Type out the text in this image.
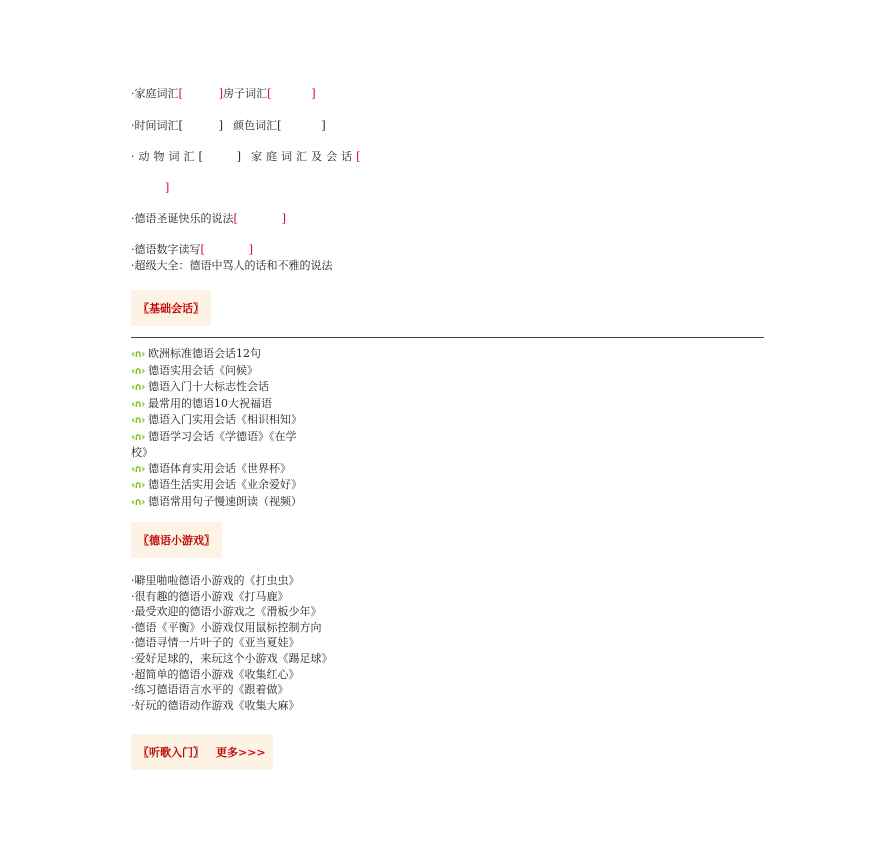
·家庭词汇[	]房子词汇[	]
·时间词汇[	] 颜色词汇[	]
·动物词汇[	] 家庭词汇及会话[
]
·德语圣诞快乐的说法[	]
·德语数字读写[	]
·超级大全：德语中骂人的话和不雅的说法
〖基础会话〗
‹∩› 欧洲标准德语会话12句
‹∩› 德语实用会话《问候》
‹∩› 德语入门十大标志性会话
‹∩› 最常用的德语10大祝福语
‹∩› 德语入门实用会话《相识相知》
‹∩› 德语学习会话《学德语》《在学
校》
‹∩› 德语体育实用会话《世界杯》
‹∩› 德语生活实用会话《业余爱好》
‹∩› 德语常用句子慢速朗读（视频）
〖德语小游戏〗
·噼里啪啦德语小游戏的《打虫虫》
·很有趣的德语小游戏《打马鹿》
·最受欢迎的德语小游戏之《滑板少年》
·德语《平衡》小游戏仅用鼠标控制方向
·德语寻情一片叶子的《亚当夏娃》
·爱好足球的，来玩这个小游戏《踢足球》
·超简单的德语小游戏《收集红心》
·练习德语语言水平的《跟着做》
·好玩的德语动作游戏《收集大麻》
〖听歌入门〗 更多>>>
